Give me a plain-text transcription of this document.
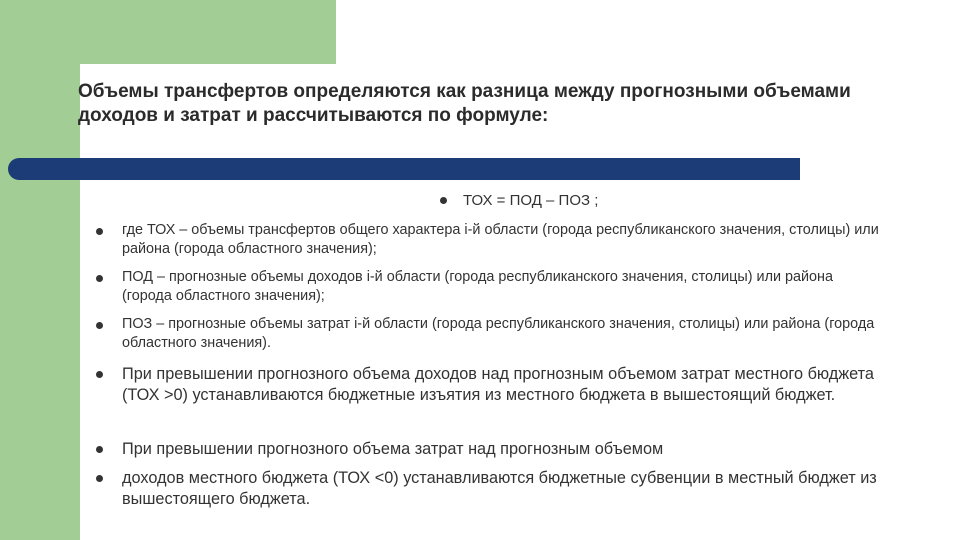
Объемы трансфертов определяются как разница между прогнозными объемами доходов и затрат и рассчитываются по формуле:
ТОХ = ПОД – ПОЗ ;
где ТОХ – объемы трансфертов общего характера i-й области (города республиканского значения, столицы) или района (города областного значения);
ПОД – прогнозные объемы доходов i-й области (города республиканского значения, столицы) или района (города областного значения);
ПОЗ – прогнозные объемы затрат i-й области (города республиканского значения, столицы) или района (города областного значения).
При превышении прогнозного объема доходов над прогнозным объемом затрат местного бюджета (ТОХ >0) устанавливаются бюджетные изъятия из местного бюджета в вышестоящий бюджет.
При превышении прогнозного объема затрат над прогнозным объемом
доходов местного бюджета (ТОХ <0) устанавливаются бюджетные субвенции в местный бюджет из вышестоящего бюджета.
